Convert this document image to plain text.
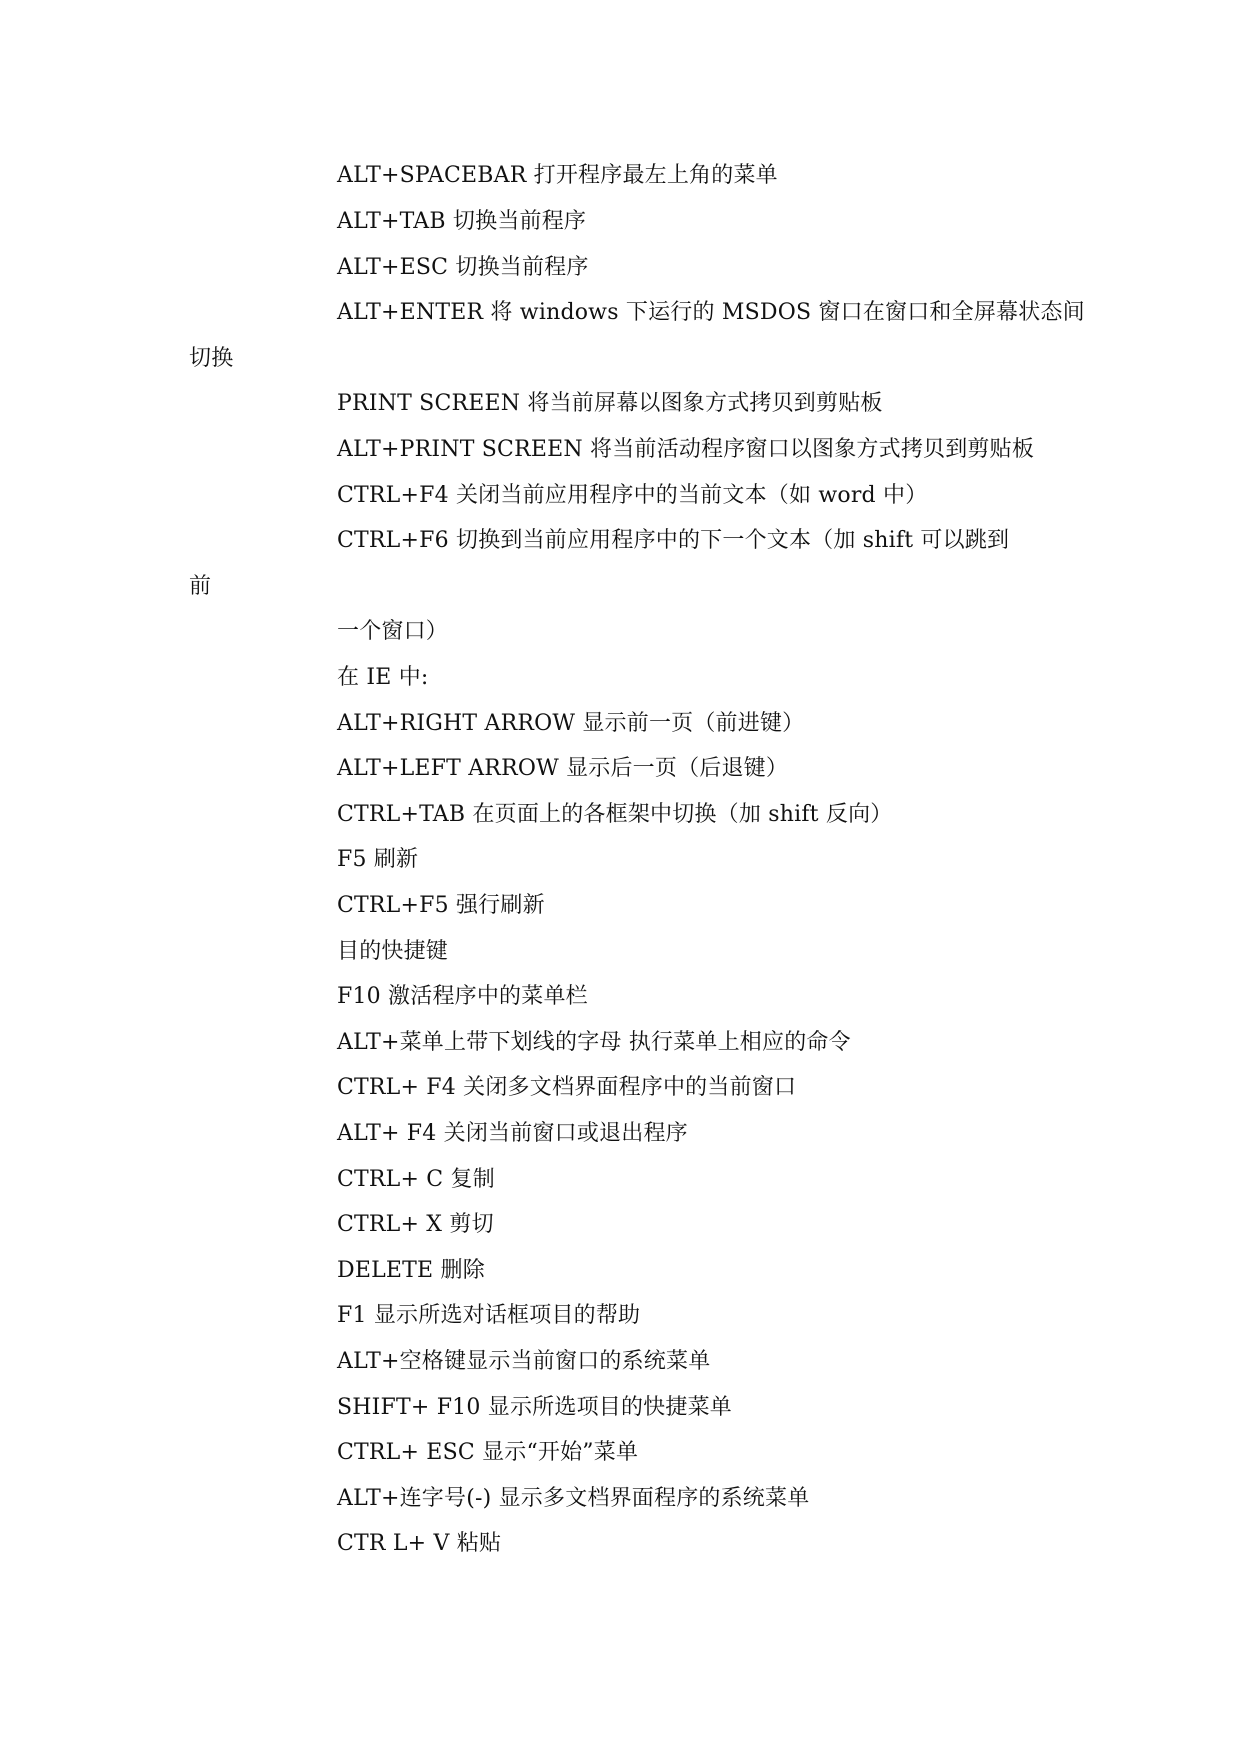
ALT+SPACEBAR 打开程序最左上角的菜单
ALT+TAB 切换当前程序
ALT+ESC 切换当前程序
ALT+ENTER 将 windows 下运行的 MSDOS 窗口在窗口和全屏幕状态间
切换
PRINT SCREEN 将当前屏幕以图象方式拷贝到剪贴板
ALT+PRINT SCREEN 将当前活动程序窗口以图象方式拷贝到剪贴板
CTRL+F4 关闭当前应用程序中的当前文本（如 word 中）
CTRL+F6 切换到当前应用程序中的下一个文本（加 shift 可以跳到
前
一个窗口）
在 IE 中:
ALT+RIGHT ARROW 显示前一页（前进键）
ALT+LEFT ARROW 显示后一页（后退键）
CTRL+TAB 在页面上的各框架中切换（加 shift 反向）
F5 刷新
CTRL+F5 强行刷新
目的快捷键
F10 激活程序中的菜单栏
ALT+菜单上带下划线的字母 执行菜单上相应的命令
CTRL+ F4 关闭多文档界面程序中的当前窗口
ALT+ F4 关闭当前窗口或退出程序
CTRL+ C 复制
CTRL+ X 剪切
DELETE 删除
F1 显示所选对话框项目的帮助
ALT+空格键显示当前窗口的系统菜单
SHIFT+ F10 显示所选项目的快捷菜单
CTRL+ ESC 显示“开始”菜单
ALT+连字号(-) 显示多文档界面程序的系统菜单
CTR L+ V 粘贴
